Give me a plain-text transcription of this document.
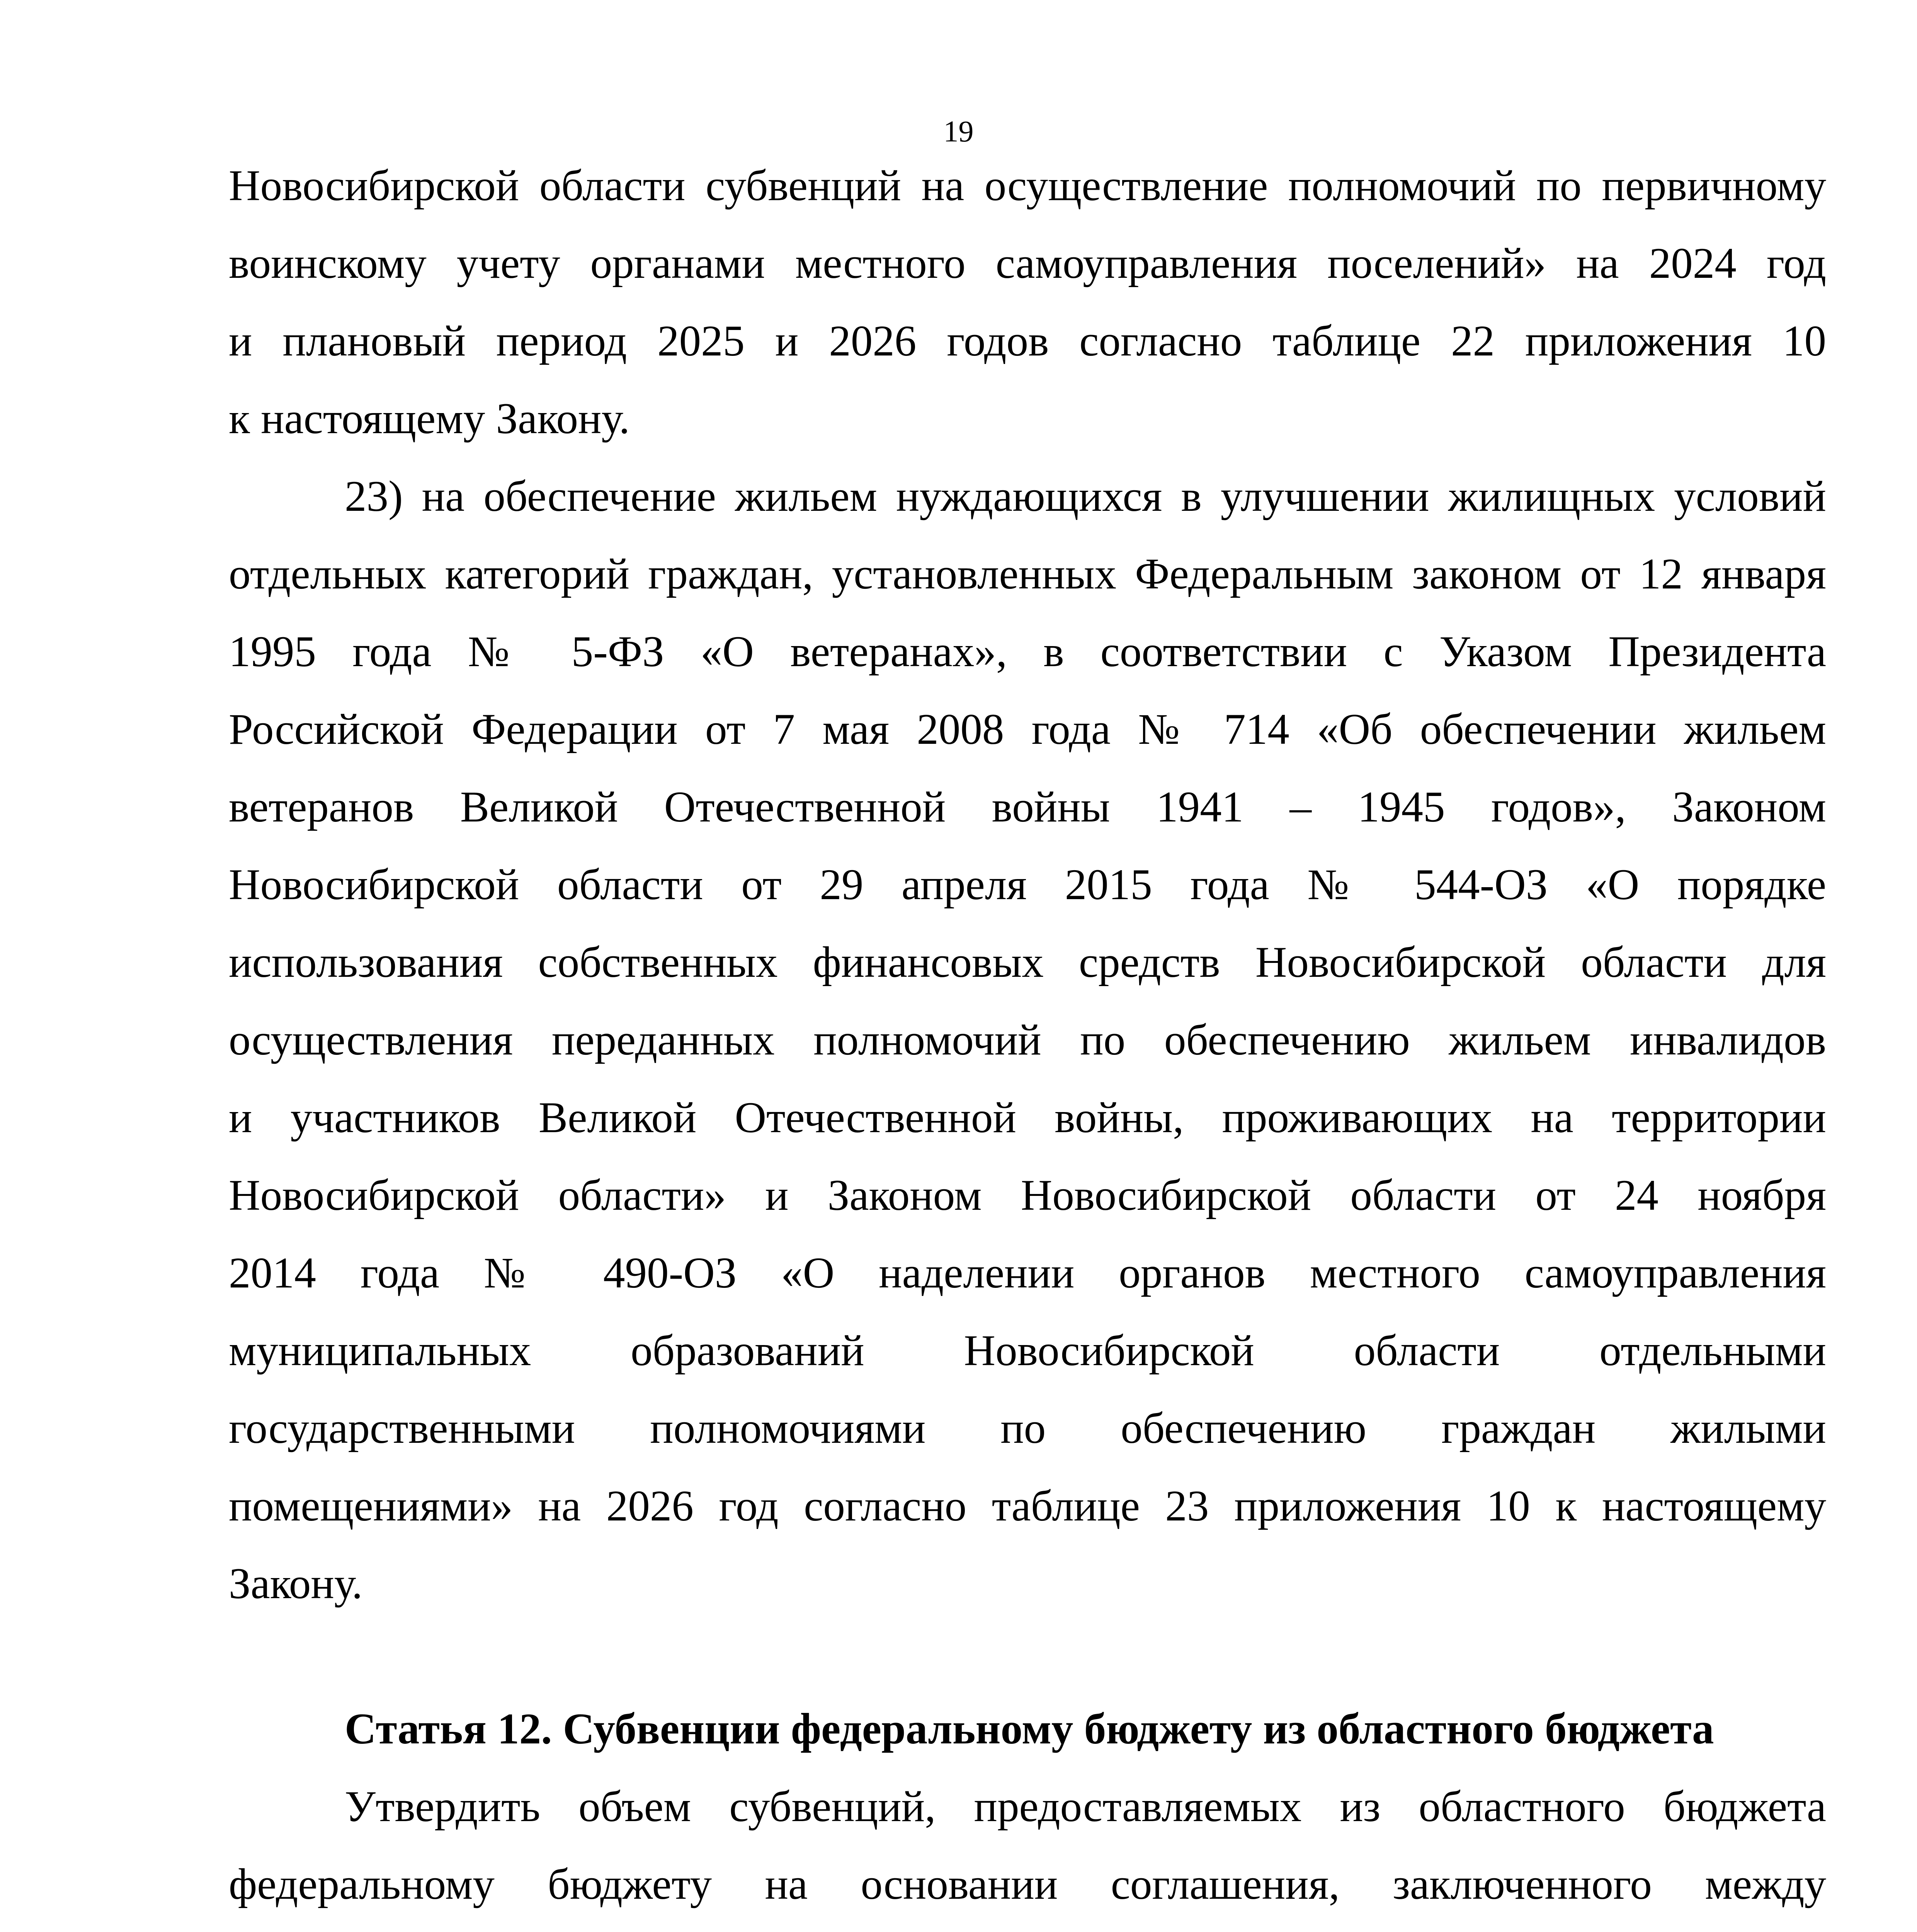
19
Новосибирской области субвенций на осуществление полномочий по первичному
воинскому учету органами местного самоуправления поселений» на 2024 год
и плановый период 2025 и 2026 годов согласно таблице 22 приложения 10
к настоящему Закону.
23) на обеспечение жильем нуждающихся в улучшении жилищных условий
отдельных категорий граждан, установленных Федеральным законом от 12 января
1995 года № 5-ФЗ «О ветеранах», в соответствии с Указом Президента
Российской Федерации от 7 мая 2008 года № 714 «Об обеспечении жильем
ветеранов Великой Отечественной войны 1941 – 1945 годов», Законом
Новосибирской области от 29 апреля 2015 года № 544-ОЗ «О порядке
использования собственных финансовых средств Новосибирской области для
осуществления переданных полномочий по обеспечению жильем инвалидов
и участников Великой Отечественной войны, проживающих на территории
Новосибирской области» и Законом Новосибирской области от 24 ноября
2014 года № 490-ОЗ «О наделении органов местного самоуправления
муниципальных образований Новосибирской области отдельными
государственными полномочиями по обеспечению граждан жилыми
помещениями» на 2026 год согласно таблице 23 приложения 10 к настоящему
Закону.
Статья 12. Субвенции федеральному бюджету из областного бюджета
Утвердить объем субвенций, предоставляемых из областного бюджета
федеральному бюджету на основании соглашения, заключенного между
